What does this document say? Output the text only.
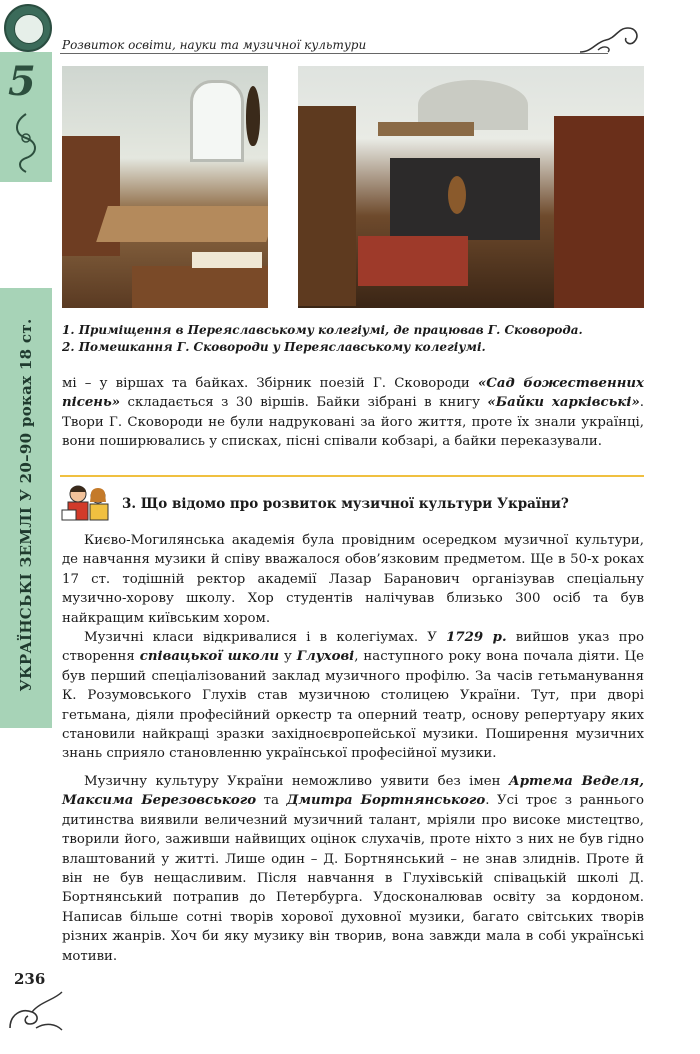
5
УКРАЇНСЬКІ ЗЕМЛІ У 20–90 роках 18 ст.
Розвиток освіти, науки та музичної культури
1. Приміщення в Переяславському колегіумі, де працював Г. Сковорода.
2. Помешкання Г. Сковороди у Переяславському колегіумі.

мі – у віршах та байках. Збірник поезій Г. Сковороди «Сад божественних пісень» складається з 30 віршів. Байки зібрані в книгу «Байки харківські». Твори Г. Сковороди не були надруковані за його життя, проте їх знали українці, вони поширювались у списках, пісні співали кобзарі, а байки переказували.

3. Що відомо про розвиток музичної культури України?

Києво-Могилянська академія була провідним осередком музичної культури, де навчання музики й співу вважалося обов’язковим предметом. Ще в 50-х роках 17 ст. тодішній ректор академії Лазар Баранович організував спеціальну музично-хорову школу. Хор студентів налічував близько 300 осіб та був найкращим київським хором.

Музичні класи відкривалися і в колегіумах. У 1729 р. вийшов указ про створення співацької школи у Глухові, наступного року вона почала діяти. Це був перший спеціалізований заклад музичного профілю. За часів гетьманування К. Розумовського Глухів став музичною столицею України. Тут, при дворі гетьмана, діяли професійний оркестр та оперний театр, основу репертуару яких становили найкращі зразки західноєвропейської музики. Поширення музичних знань сприяло становленню української професійної музики.

Музичну культуру України неможливо уявити без імен Артема Веделя, Максима Березовського та Дмитра Бортнянського. Усі троє з раннього дитинства виявили величезний музичний талант, мріяли про високе мистецтво, творили його, заживши найвищих оцінок слухачів, проте ніхто з них не був гідно влаштований у житті. Лише один – Д. Бортнянський – не знав злиднів. Проте й він не був нещасливим. Після навчання в Глухівській співацькій школі Д. Бортнянський потрапив до Петербурга. Удосконалював освіту за кордоном. Написав більше сотні творів хорової духовної музики, багато світських творів різних жанрів. Хоч би яку музику він творив, вона завжди мала в собі українські мотиви.

236
